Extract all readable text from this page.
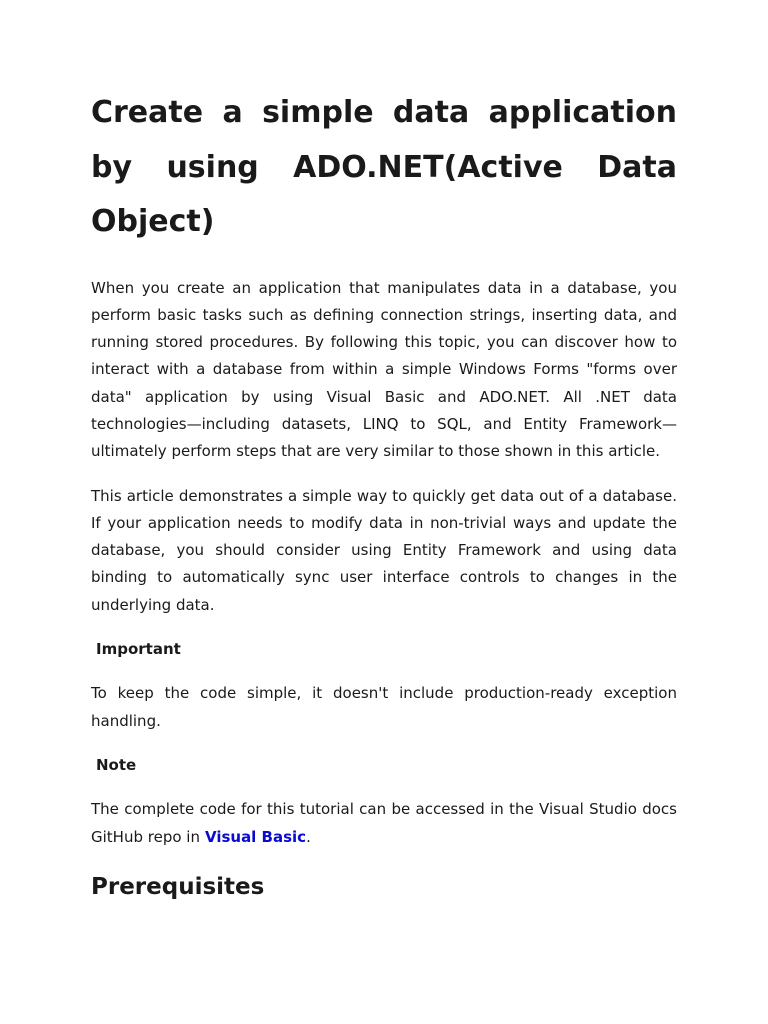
Create a simple data application by using ADO.NET(Active Data Object)

When you create an application that manipulates data in a database, you perform basic tasks such as defining connection strings, inserting data, and running stored procedures. By following this topic, you can discover how to interact with a database from within a simple Windows Forms "forms over data" application by using Visual Basic and ADO.NET. All .NET data technologies—including datasets, LINQ to SQL, and Entity Framework—ultimately perform steps that are very similar to those shown in this article.

This article demonstrates a simple way to quickly get data out of a database. If your application needs to modify data in non-trivial ways and update the database, you should consider using Entity Framework and using data binding to automatically sync user interface controls to changes in the underlying data.

Important

To keep the code simple, it doesn't include production-ready exception handling.

Note

The complete code for this tutorial can be accessed in the Visual Studio docs GitHub repo in Visual Basic.

Prerequisites
